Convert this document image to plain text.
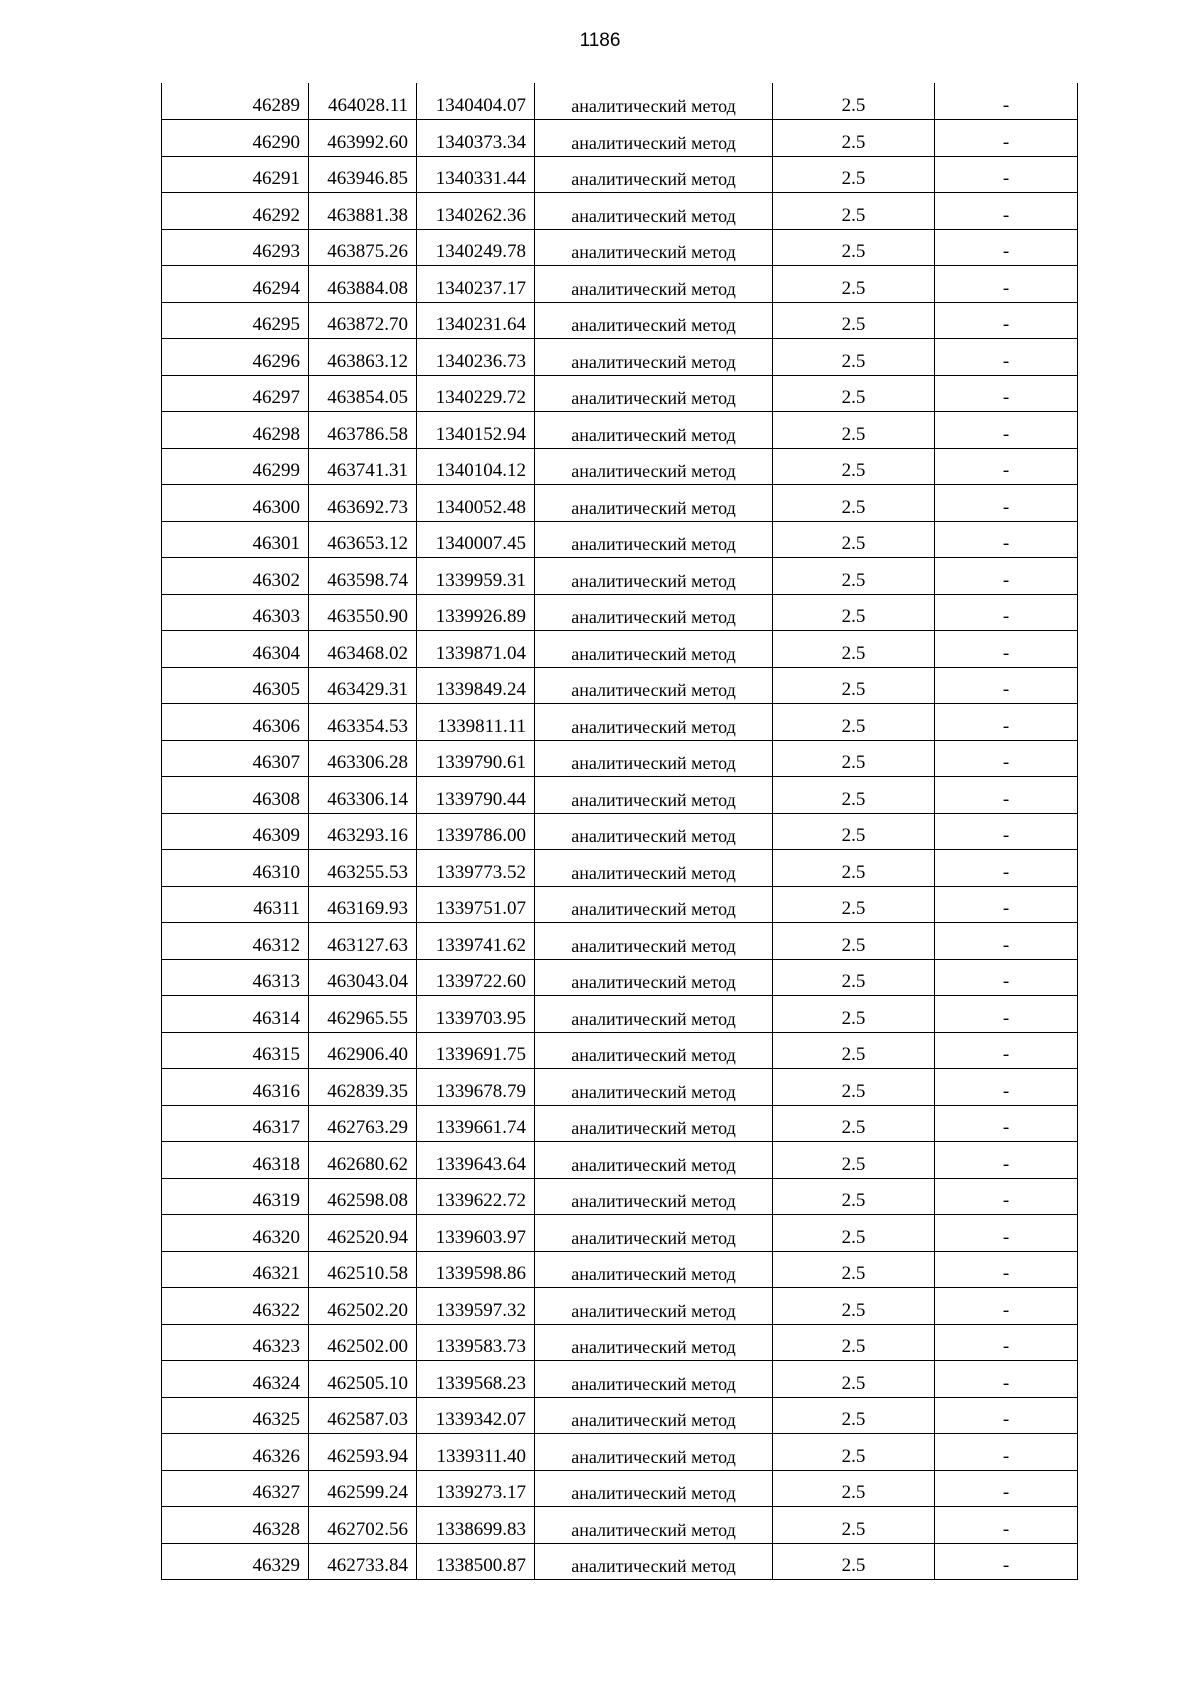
1186
46289	464028.11	1340404.07	аналитический метод	2.5	-
46290	463992.60	1340373.34	аналитический метод	2.5	-
46291	463946.85	1340331.44	аналитический метод	2.5	-
46292	463881.38	1340262.36	аналитический метод	2.5	-
46293	463875.26	1340249.78	аналитический метод	2.5	-
46294	463884.08	1340237.17	аналитический метод	2.5	-
46295	463872.70	1340231.64	аналитический метод	2.5	-
46296	463863.12	1340236.73	аналитический метод	2.5	-
46297	463854.05	1340229.72	аналитический метод	2.5	-
46298	463786.58	1340152.94	аналитический метод	2.5	-
46299	463741.31	1340104.12	аналитический метод	2.5	-
46300	463692.73	1340052.48	аналитический метод	2.5	-
46301	463653.12	1340007.45	аналитический метод	2.5	-
46302	463598.74	1339959.31	аналитический метод	2.5	-
46303	463550.90	1339926.89	аналитический метод	2.5	-
46304	463468.02	1339871.04	аналитический метод	2.5	-
46305	463429.31	1339849.24	аналитический метод	2.5	-
46306	463354.53	1339811.11	аналитический метод	2.5	-
46307	463306.28	1339790.61	аналитический метод	2.5	-
46308	463306.14	1339790.44	аналитический метод	2.5	-
46309	463293.16	1339786.00	аналитический метод	2.5	-
46310	463255.53	1339773.52	аналитический метод	2.5	-
46311	463169.93	1339751.07	аналитический метод	2.5	-
46312	463127.63	1339741.62	аналитический метод	2.5	-
46313	463043.04	1339722.60	аналитический метод	2.5	-
46314	462965.55	1339703.95	аналитический метод	2.5	-
46315	462906.40	1339691.75	аналитический метод	2.5	-
46316	462839.35	1339678.79	аналитический метод	2.5	-
46317	462763.29	1339661.74	аналитический метод	2.5	-
46318	462680.62	1339643.64	аналитический метод	2.5	-
46319	462598.08	1339622.72	аналитический метод	2.5	-
46320	462520.94	1339603.97	аналитический метод	2.5	-
46321	462510.58	1339598.86	аналитический метод	2.5	-
46322	462502.20	1339597.32	аналитический метод	2.5	-
46323	462502.00	1339583.73	аналитический метод	2.5	-
46324	462505.10	1339568.23	аналитический метод	2.5	-
46325	462587.03	1339342.07	аналитический метод	2.5	-
46326	462593.94	1339311.40	аналитический метод	2.5	-
46327	462599.24	1339273.17	аналитический метод	2.5	-
46328	462702.56	1338699.83	аналитический метод	2.5	-
46329	462733.84	1338500.87	аналитический метод	2.5	-
